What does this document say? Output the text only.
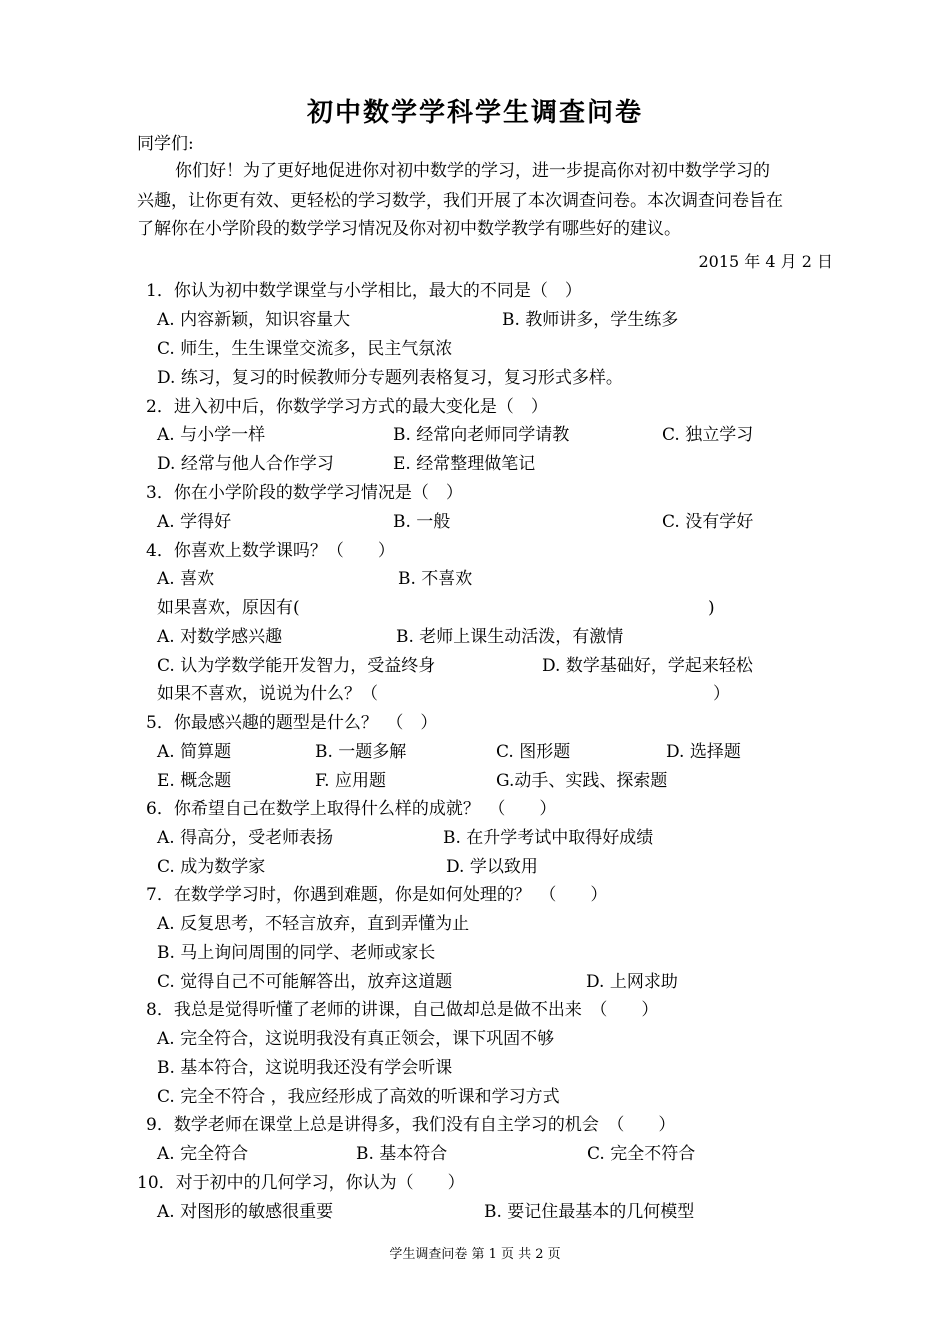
初中数学学科学生调查问卷
同学们:
你们好！为了更好地促进你对初中数学的学习，进一步提高你对初中数学学习的
兴趣，让你更有效、更轻松的学习数学，我们开展了本次调查问卷。本次调查问卷旨在
了解你在小学阶段的数学学习情况及你对初中数学教学有哪些好的建议。
2015 年 4 月 2 日
1．你认为初中数学课堂与小学相比，最大的不同是（　）
A. 内容新颖，知识容量大	B. 教师讲多，学生练多
C. 师生，生生课堂交流多，民主气氛浓
D. 练习，复习的时候教师分专题列表格复习，复习形式多样。
2．进入初中后，你数学学习方式的最大变化是（　）
A. 与小学一样	B. 经常向老师同学请教	C. 独立学习
D. 经常与他人合作学习	E. 经常整理做笔记
3．你在小学阶段的数学学习情况是（　）
A. 学得好	B. 一般	C. 没有学好
4．你喜欢上数学课吗？（　　）
A. 喜欢	B. 不喜欢
如果喜欢，原因有(	)
A. 对数学感兴趣	B. 老师上课生动活泼，有激情
C. 认为学数学能开发智力，受益终身	D. 数学基础好，学起来轻松
如果不喜欢，说说为什么？（	）
5．你最感兴趣的题型是什么？　（　）
A. 简算题	B. 一题多解	C. 图形题	D. 选择题
E. 概念题	F. 应用题	G.动手、实践、探索题
6．你希望自己在数学上取得什么样的成就？　（　　）
A. 得高分，受老师表扬	B. 在升学考试中取得好成绩
C. 成为数学家	D. 学以致用
7．在数学学习时，你遇到难题，你是如何处理的？　（　　）
A. 反复思考，不轻言放弃，直到弄懂为止
B. 马上询问周围的同学、老师或家长
C. 觉得自己不可能解答出，放弃这道题	D. 上网求助
8．我总是觉得听懂了老师的讲课，自己做却总是做不出来　（　　）
A. 完全符合，这说明我没有真正领会，课下巩固不够
B. 基本符合，这说明我还没有学会听课
C. 完全不符合 ，我应经形成了高效的听课和学习方式
9．数学老师在课堂上总是讲得多，我们没有自主学习的机会　（　　）
A. 完全符合	B. 基本符合	C. 完全不符合
10．对于初中的几何学习，你认为（　　）
A. 对图形的敏感很重要	B. 要记住最基本的几何模型
学生调查问卷 第 1 页 共 2 页
